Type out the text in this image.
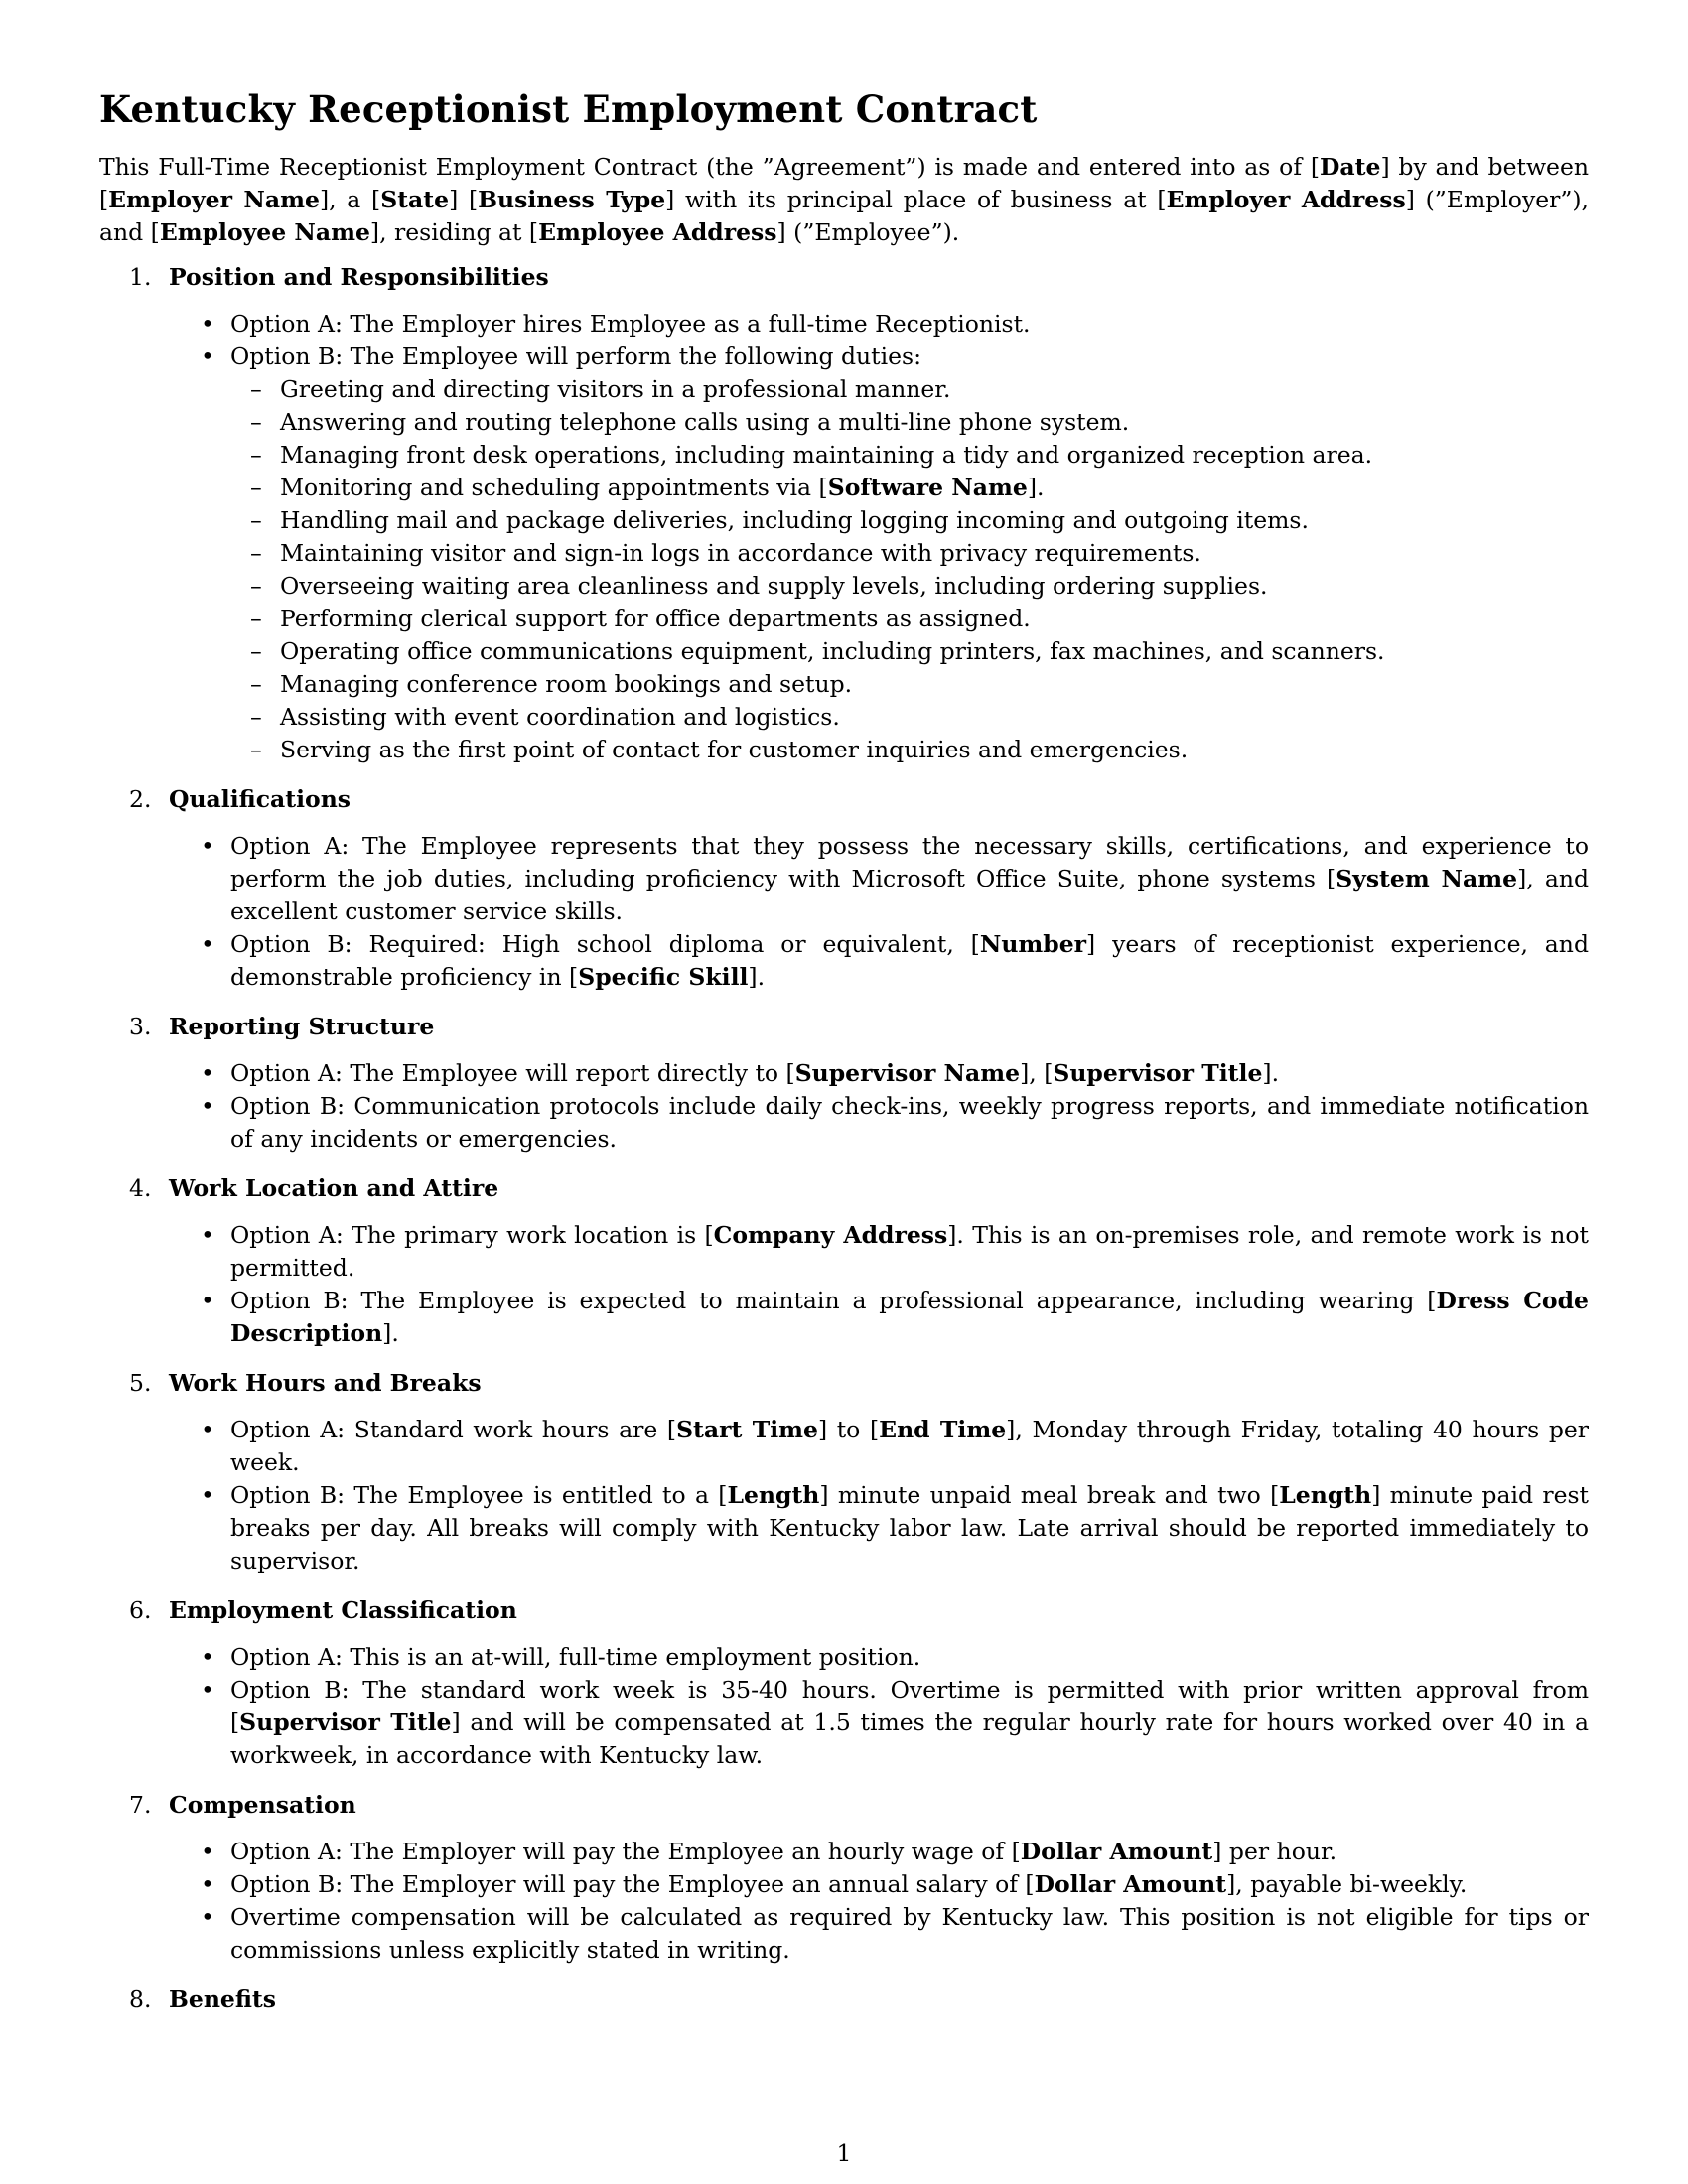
Kentucky Receptionist Employment Contract

This Full-Time Receptionist Employment Contract (the ”Agreement”) is made and entered into as of [Date] by and between [Employer Name], a [State] [Business Type] with its principal place of business at [Employer Address] (”Employer”), and [Employee Name], residing at [Employee Address] (”Employee”).

1. Position and Responsibilities
• Option A: The Employer hires Employee as a full-time Receptionist.
• Option B: The Employee will perform the following duties:
– Greeting and directing visitors in a professional manner.
– Answering and routing telephone calls using a multi-line phone system.
– Managing front desk operations, including maintaining a tidy and organized reception area.
– Monitoring and scheduling appointments via [Software Name].
– Handling mail and package deliveries, including logging incoming and outgoing items.
– Maintaining visitor and sign-in logs in accordance with privacy requirements.
– Overseeing waiting area cleanliness and supply levels, including ordering supplies.
– Performing clerical support for office departments as assigned.
– Operating office communications equipment, including printers, fax machines, and scanners.
– Managing conference room bookings and setup.
– Assisting with event coordination and logistics.
– Serving as the first point of contact for customer inquiries and emergencies.
2. Qualifications
• Option A: The Employee represents that they possess the necessary skills, certifications, and experience to perform the job duties, including proficiency with Microsoft Office Suite, phone systems [System Name], and excellent customer service skills.
• Option B: Required: High school diploma or equivalent, [Number] years of receptionist experience, and demonstrable proficiency in [Specific Skill].
3. Reporting Structure
• Option A: The Employee will report directly to [Supervisor Name], [Supervisor Title].
• Option B: Communication protocols include daily check-ins, weekly progress reports, and immediate notification of any incidents or emergencies.
4. Work Location and Attire
• Option A: The primary work location is [Company Address]. This is an on-premises role, and remote work is not permitted.
• Option B: The Employee is expected to maintain a professional appearance, including wearing [Dress Code Description].
5. Work Hours and Breaks
• Option A: Standard work hours are [Start Time] to [End Time], Monday through Friday, totaling 40 hours per week.
• Option B: The Employee is entitled to a [Length] minute unpaid meal break and two [Length] minute paid rest breaks per day. All breaks will comply with Kentucky labor law. Late arrival should be reported immediately to supervisor.
6. Employment Classification
• Option A: This is an at-will, full-time employment position.
• Option B: The standard work week is 35-40 hours. Overtime is permitted with prior written approval from [Supervisor Title] and will be compensated at 1.5 times the regular hourly rate for hours worked over 40 in a workweek, in accordance with Kentucky law.
7. Compensation
• Option A: The Employer will pay the Employee an hourly wage of [Dollar Amount] per hour.
• Option B: The Employer will pay the Employee an annual salary of [Dollar Amount], payable bi-weekly.
• Overtime compensation will be calculated as required by Kentucky law. This position is not eligible for tips or commissions unless explicitly stated in writing.
8. Benefits
1
